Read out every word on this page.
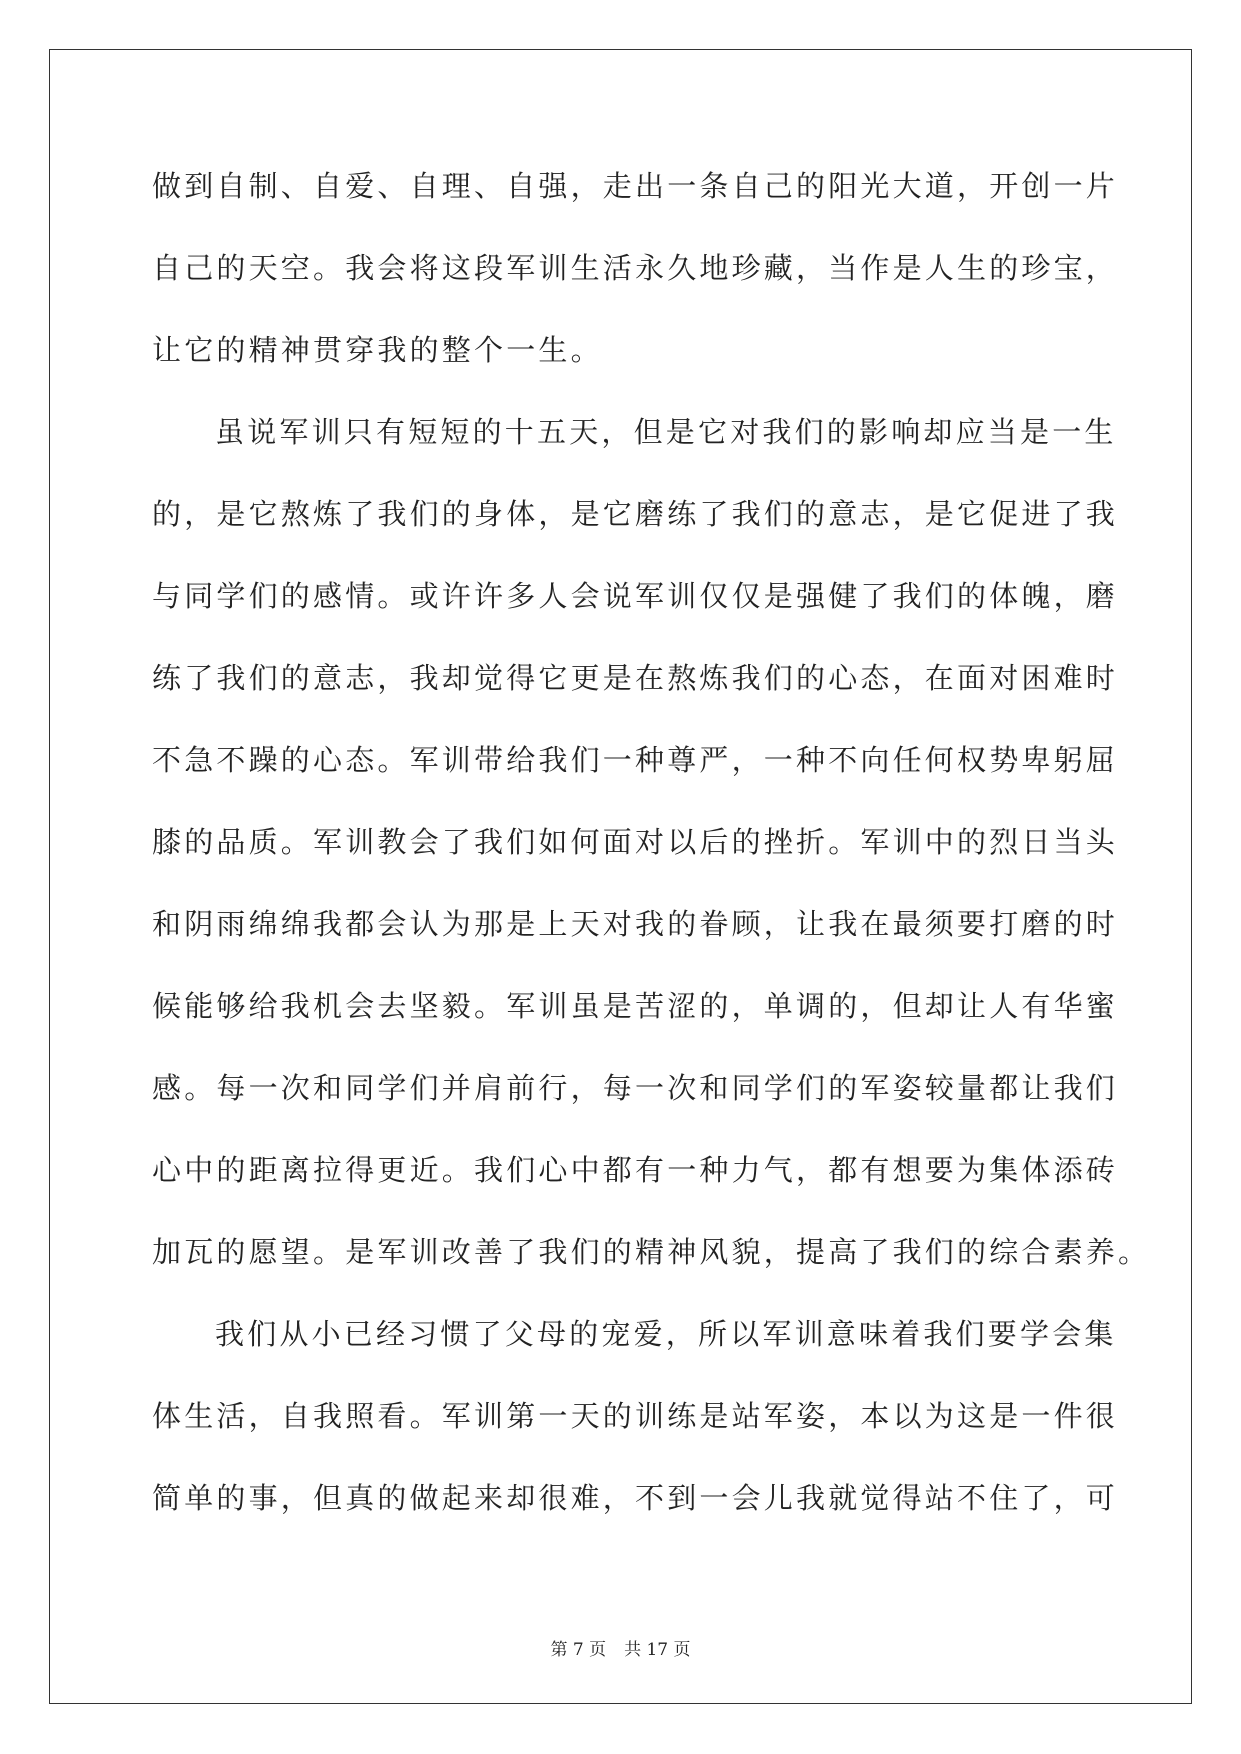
做到自制、自爱、自理、自强，走出一条自己的阳光大道，开创一片
自己的天空。我会将这段军训生活永久地珍藏，当作是人生的珍宝，
让它的精神贯穿我的整个一生。
虽说军训只有短短的十五天，但是它对我们的影响却应当是一生
的，是它熬炼了我们的身体，是它磨练了我们的意志，是它促进了我
与同学们的感情。或许许多人会说军训仅仅是强健了我们的体魄，磨
练了我们的意志，我却觉得它更是在熬炼我们的心态，在面对困难时
不急不躁的心态。军训带给我们一种尊严，一种不向任何权势卑躬屈
膝的品质。军训教会了我们如何面对以后的挫折。军训中的烈日当头
和阴雨绵绵我都会认为那是上天对我的眷顾，让我在最须要打磨的时
候能够给我机会去坚毅。军训虽是苦涩的，单调的，但却让人有华蜜
感。每一次和同学们并肩前行，每一次和同学们的军姿较量都让我们
心中的距离拉得更近。我们心中都有一种力气，都有想要为集体添砖
加瓦的愿望。是军训改善了我们的精神风貌，提高了我们的综合素养。
我们从小已经习惯了父母的宠爱，所以军训意味着我们要学会集
体生活，自我照看。军训第一天的训练是站军姿，本以为这是一件很
简单的事，但真的做起来却很难，不到一会儿我就觉得站不住了，可
第 7 页 共 17 页
